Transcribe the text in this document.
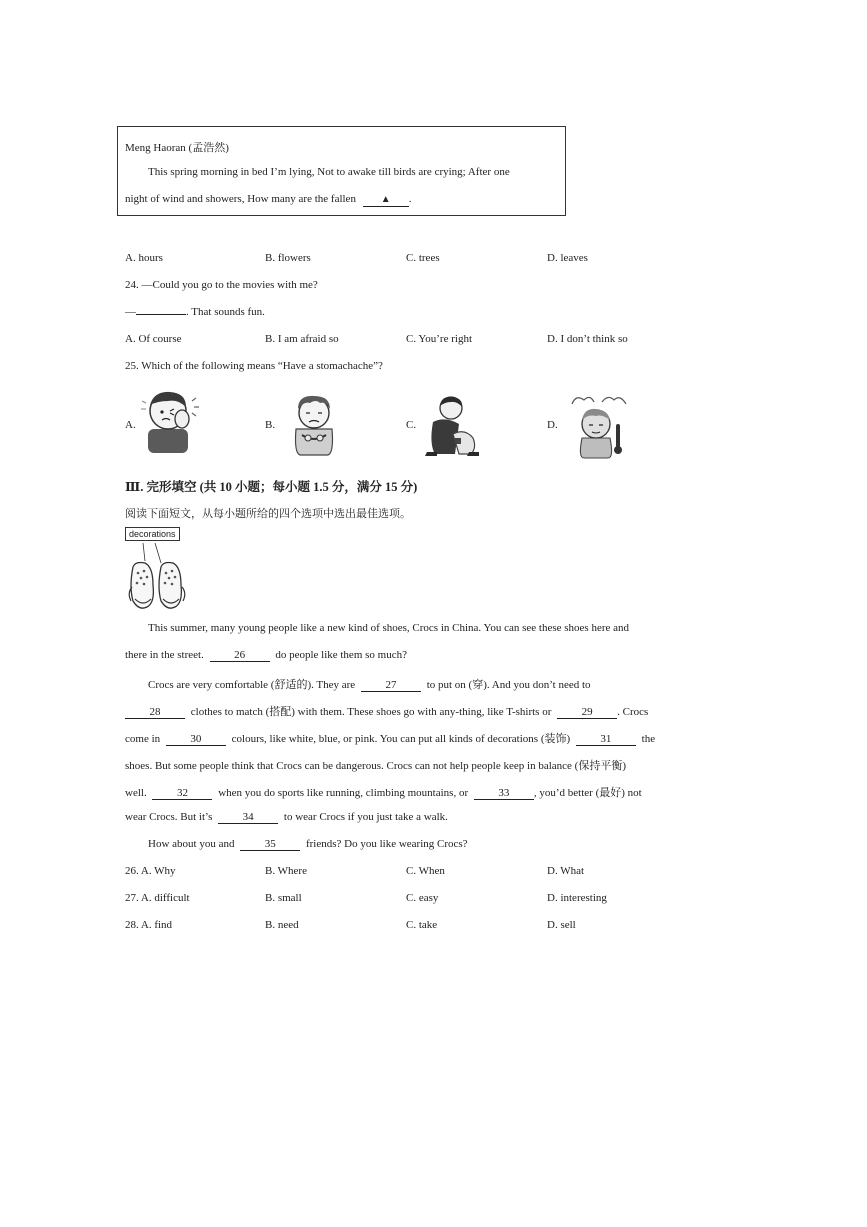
Meng Haoran (孟浩然)
This spring morning in bed I’m lying, Not to awake till birds are crying; After one
night of wind and showers, How many are the fallen ▲ .
A. hours	B. flowers	C. trees	D. leaves
24. —Could you go to the movies with me?
—	. That sounds fun.
A. Of course	B. I am afraid so	C. You’re right	D. I don’t think so
25. Which of the following means “Have a stomachache”?
A.	B.	C.	D.
Ⅲ. 完形填空 (共 10 小题；每小题 1.5 分，满分 15 分)
阅读下面短文，从每小题所给的四个选项中选出最佳选项。
decorations
This summer, many young people like a new kind of shoes, Crocs in China. You can see these shoes here and
there in the street.	26	do people like them so much?
Crocs are very comfortable (舒适的). They are	27	to put on (穿). And you don’t need to
28	clothes to match (搭配) with them. These shoes go with any-thing, like T-shirts or	29 . Crocs
come in	30	colours, like white, blue, or pink. You can put all kinds of decorations (装饰)	31	the
shoes. But some people think that Crocs can be dangerous. Crocs can not help people keep in balance (保持平衡)
well.	32	when you do sports like running, climbing mountains, or	33 , you’d better (最好) not
wear Crocs. But it’s	34	to wear Crocs if you just take a walk.
How about you and	35	friends? Do you like wearing Crocs?
26. A. Why	B. Where	C. When	D. What
27. A. difficult	B. small	C. easy	D. interesting
28. A. find	B. need	C. take	D. sell
